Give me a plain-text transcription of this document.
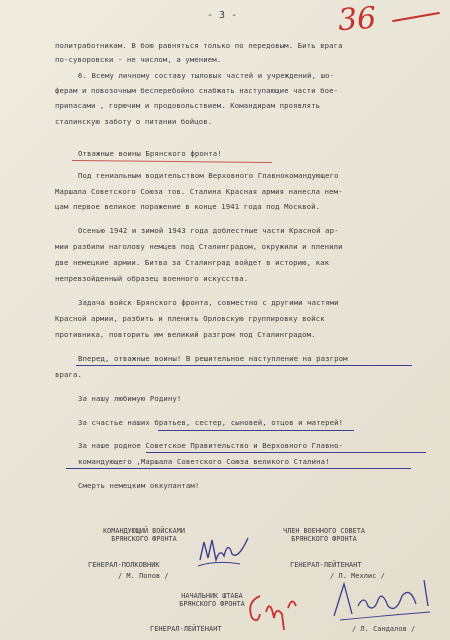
- 3 -	36
политработникам. В бою равняться только по передовым. Бить врага
по-суворовски - не числом, а умением.
6. Всему личному составу тыловых частей и учреждений, шо-
ферам и повозочным бесперебойно снабжать наступающие части бое-
припасами , горючим и продовольствием. Командирам проявлять
сталинскую заботу о питании бойцов.
Отважные воины Брянского фронта!
Под гениальным водительством Верховного Главнокомандующего
Маршала Советского Союза тов. Сталина Красная армия нанесла нем-
цам первое великое поражение в конце 1941 года под Москвой.
Осенью 1942 и зимой 1943 года доблестные части Красной ар-
мии разбили наголову немцев под Сталинградом, окружили и пленили
две немецкие армии. Битва за Сталинград войдет в историю, как
непревзойденный образец военного искусства.
Задача войск Брянского фронта, совместно с другими частями
Красной армии, разбить и пленить Орловскую группировку войск
противника, повторить им великий разгром под Сталинградом.
Вперед, отважные воины! В решительное наступление на разгром
врага.
За нашу любимую Родину!
За счастье наших братьев, сестер, сыновей, отцов и матерей!
За наше родное Советское Правительство и Верховного Главно-
командующего ,Маршала Советского Союза великого Сталина!
Смерть немецким оккупантам!
КОМАНДУЮЩИЙ ВОЙСКАМИ
БРЯНСКОГО ФРОНТА
ГЕНЕРАЛ-ПОЛКОВНИК
/ М. Попов /
ЧЛЕН ВОЕННОГО СОВЕТА
БРЯНСКОГО ФРОНТА
ГЕНЕРАЛ-ЛЕЙТЕНАНТ
/ Л. Мехлис /
НАЧАЛЬНИК ШТАБА
БРЯНСКОГО ФРОНТА
ГЕНЕРАЛ-ЛЕЙТЕНАНТ	/ Л. Сандалов /
